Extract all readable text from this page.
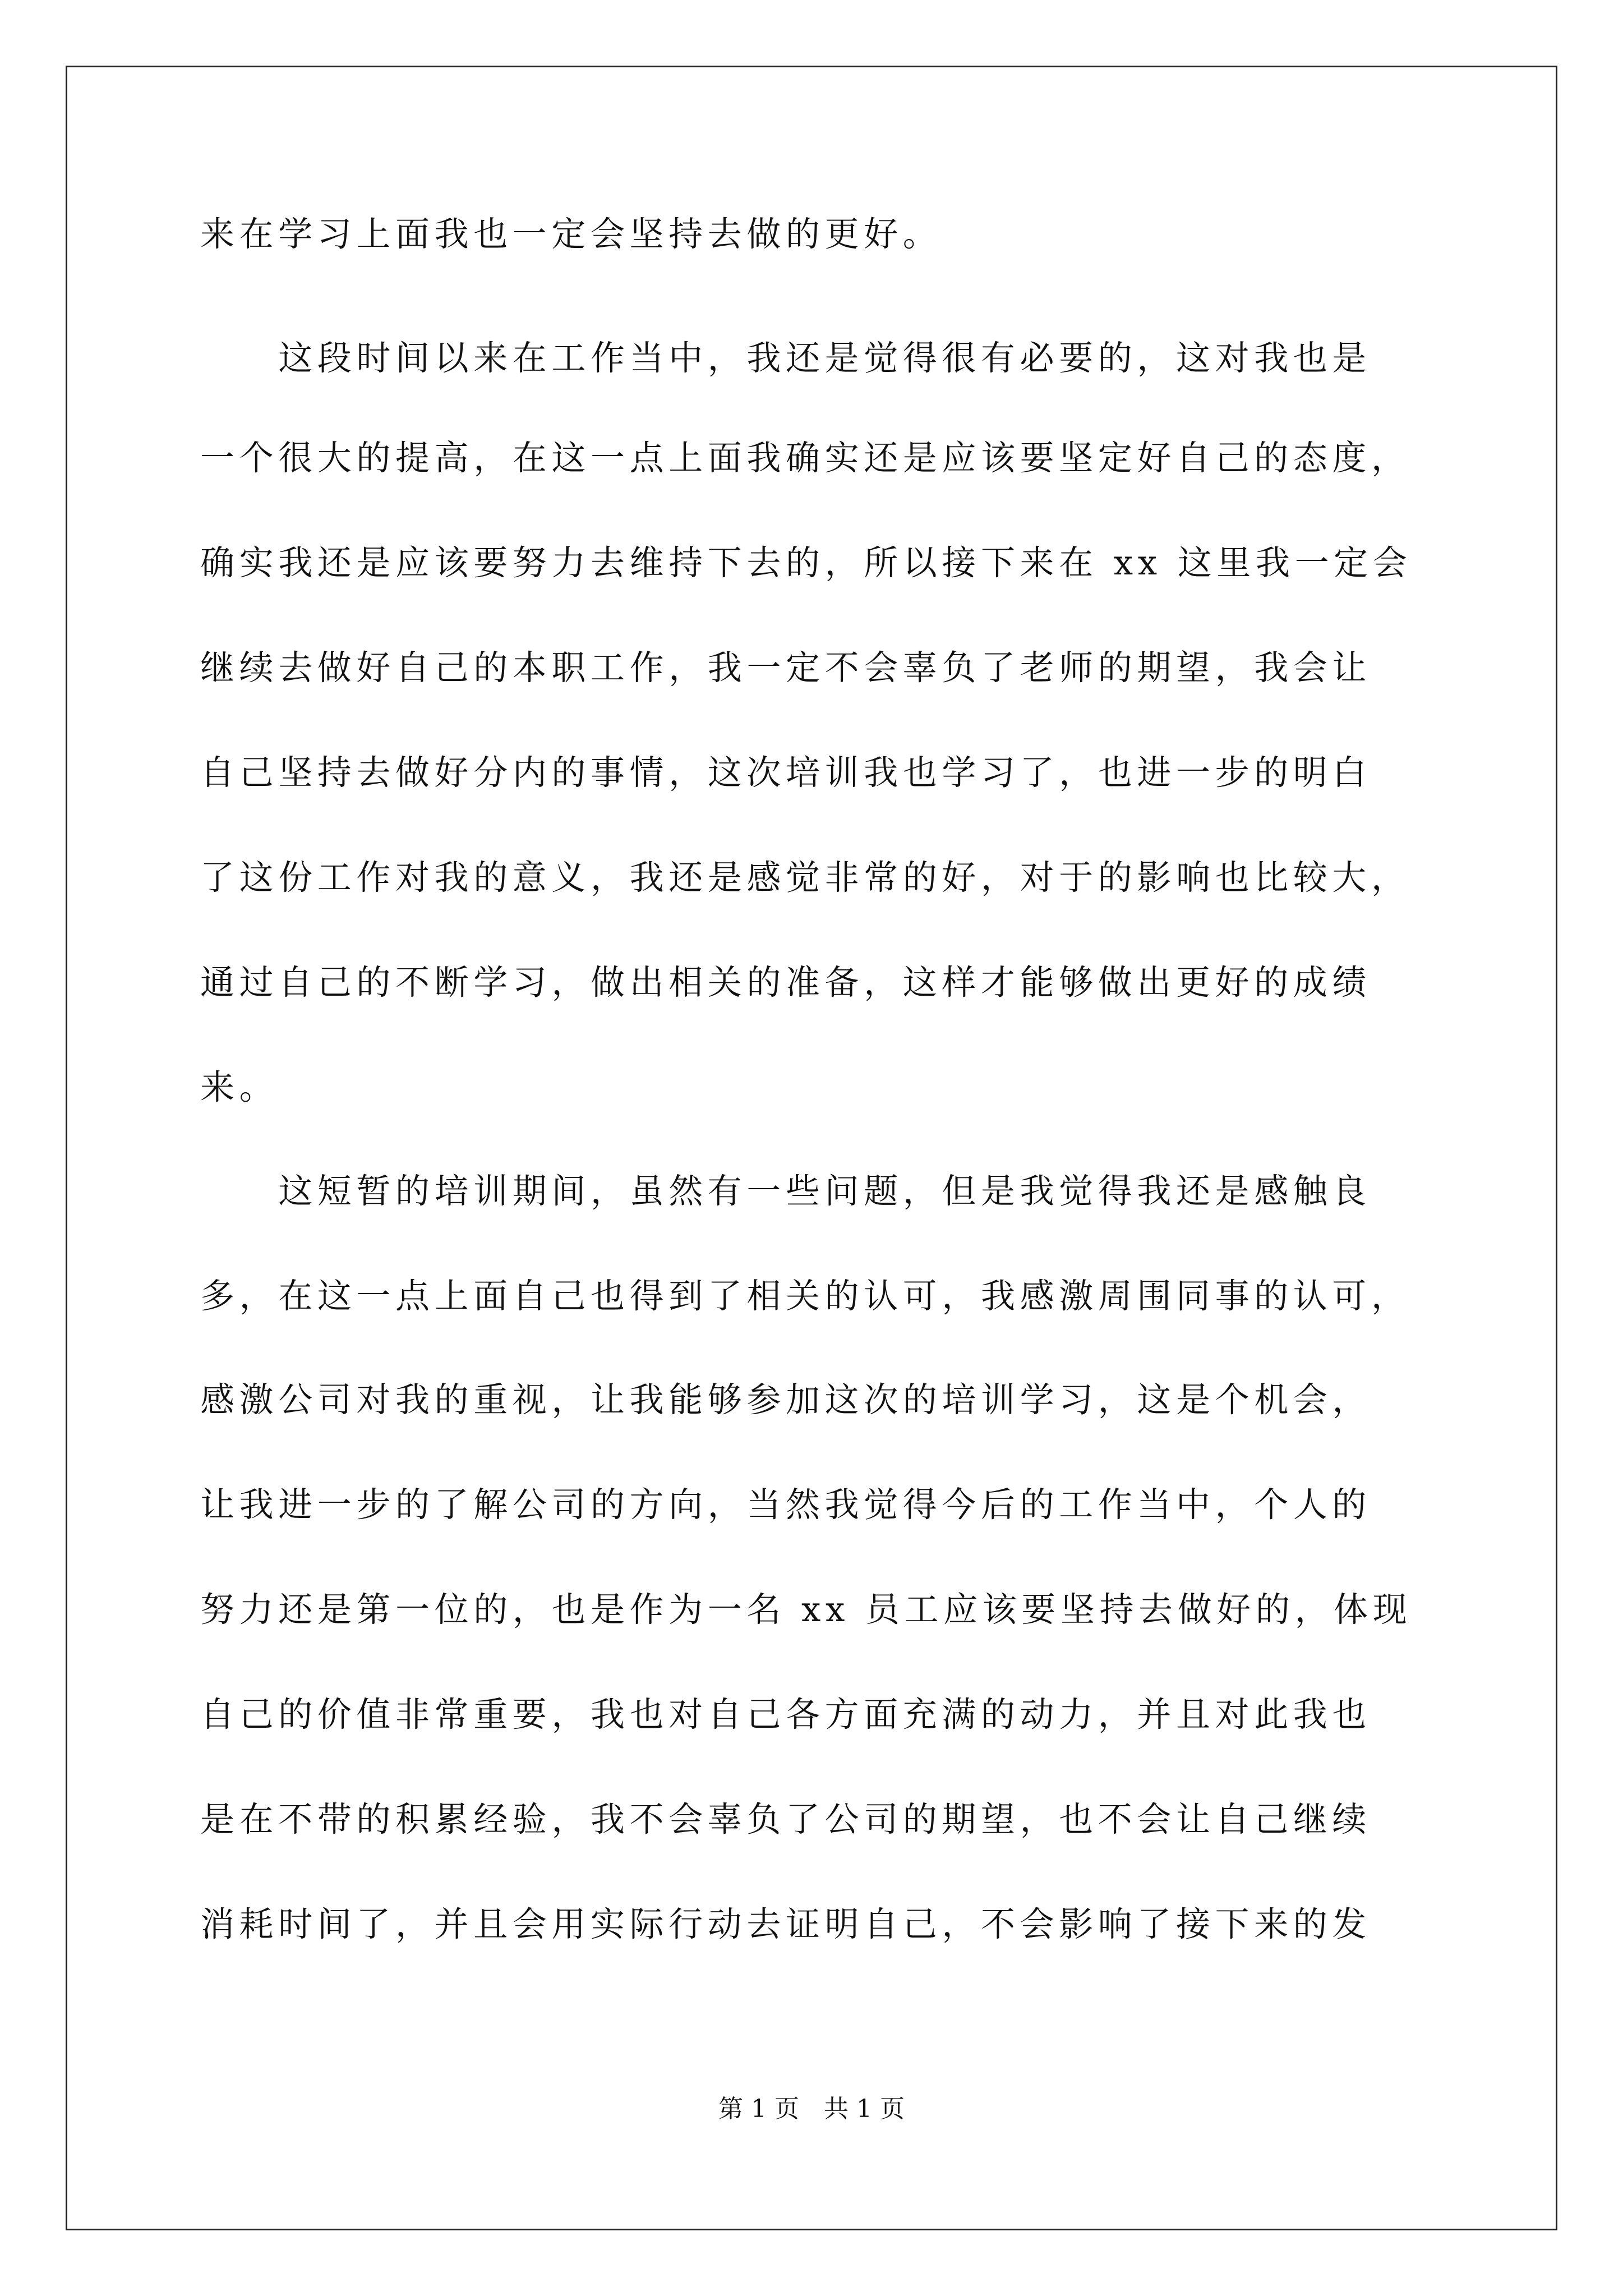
来在学习上面我也一定会坚持去做的更好。
　　这段时间以来在工作当中，我还是觉得很有必要的，这对我也是
一个很大的提高，在这一点上面我确实还是应该要坚定好自己的态度，
确实我还是应该要努力去维持下去的，所以接下来在 xx 这里我一定会
继续去做好自己的本职工作，我一定不会辜负了老师的期望，我会让
自己坚持去做好分内的事情，这次培训我也学习了，也进一步的明白
了这份工作对我的意义，我还是感觉非常的好，对于的影响也比较大，
通过自己的不断学习，做出相关的准备，这样才能够做出更好的成绩
来。
　　这短暂的培训期间，虽然有一些问题，但是我觉得我还是感触良
多，在这一点上面自己也得到了相关的认可，我感激周围同事的认可，
感激公司对我的重视，让我能够参加这次的培训学习，这是个机会，
让我进一步的了解公司的方向，当然我觉得今后的工作当中，个人的
努力还是第一位的，也是作为一名 xx 员工应该要坚持去做好的，体现
自己的价值非常重要，我也对自己各方面充满的动力，并且对此我也
是在不带的积累经验，我不会辜负了公司的期望，也不会让自己继续
消耗时间了，并且会用实际行动去证明自己，不会影响了接下来的发
第 1 页　共 1 页
